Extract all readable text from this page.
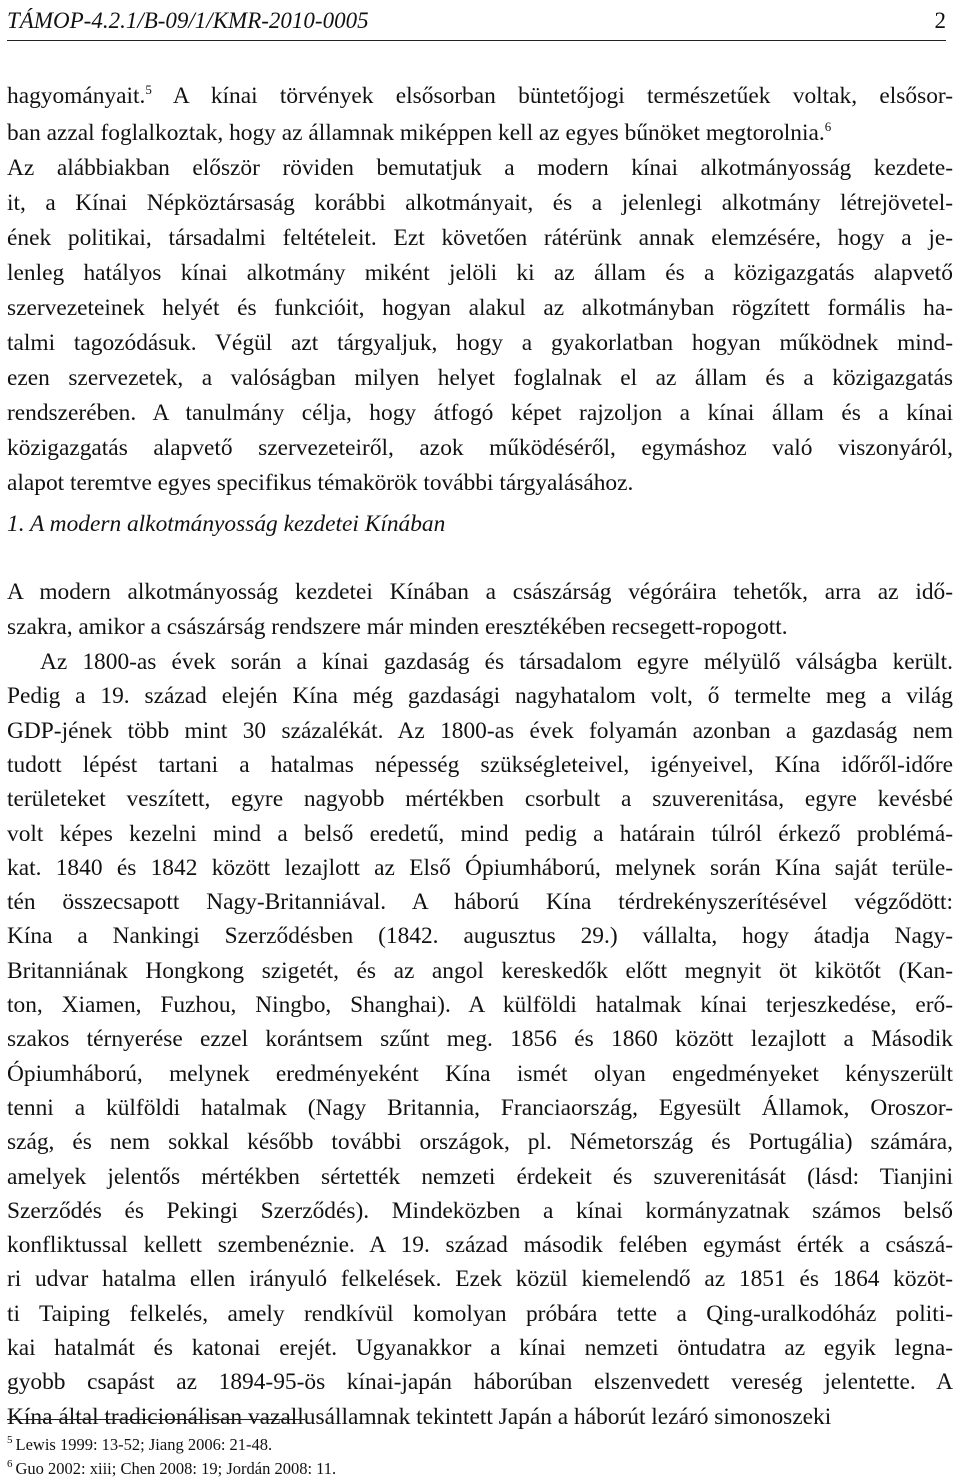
TÁMOP-4.2.1/B-09/1/KMR-2010-0005	2
hagyományait.$^5$ A kínai törvények elsősorban büntetőjogi természetűek voltak, elsősor-
ban azzal foglalkoztak, hogy az államnak miképpen kell az egyes bűnöket megtorolnia.$^6$
Az alábbiakban először röviden bemutatjuk a modern kínai alkotmányosság kezdete-
it, a Kínai Népköztársaság korábbi alkotmányait, és a jelenlegi alkotmány létrejövetel-
ének politikai, társadalmi feltételeit. Ezt követően rátérünk annak elemzésére, hogy a je-
lenleg hatályos kínai alkotmány miként jelöli ki az állam és a közigazgatás alapvető
szervezeteinek helyét és funkcióit, hogyan alakul az alkotmányban rögzített formális ha-
talmi tagozódásuk. Végül azt tárgyaljuk, hogy a gyakorlatban hogyan működnek mind-
ezen szervezetek, a valóságban milyen helyet foglalnak el az állam és a közigazgatás
rendszerében. A tanulmány célja, hogy átfogó képet rajzoljon a kínai állam és a kínai
közigazgatás alapvető szervezeteiről, azok működéséről, egymáshoz való viszonyáról,
alapot teremtve egyes specifikus témakörök további tárgyalásához.
1. A modern alkotmányosság kezdetei Kínában
A modern alkotmányosság kezdetei Kínában a császárság végóráira tehetők, arra az idő-
szakra, amikor a császárság rendszere már minden eresztékében recsegett-ropogott.
Az 1800-as évek során a kínai gazdaság és társadalom egyre mélyülő válságba került.
Pedig a 19. század elején Kína még gazdasági nagyhatalom volt, ő termelte meg a világ
GDP-jének több mint 30 százalékát. Az 1800-as évek folyamán azonban a gazdaság nem
tudott lépést tartani a hatalmas népesség szükségleteivel, igényeivel, Kína időről-időre
területeket veszített, egyre nagyobb mértékben csorbult a szuverenitása, egyre kevésbé
volt képes kezelni mind a belső eredetű, mind pedig a határain túlról érkező problémá-
kat. 1840 és 1842 között lezajlott az Első Ópiumháború, melynek során Kína saját terüle-
tén összecsapott Nagy-Britanniával. A háború Kína térdrekényszerítésével végződött:
Kína a Nankingi Szerződésben (1842. augusztus 29.) vállalta, hogy átadja Nagy-
Britanniának Hongkong szigetét, és az angol kereskedők előtt megnyit öt kikötőt (Kan-
ton, Xiamen, Fuzhou, Ningbo, Shanghai). A külföldi hatalmak kínai terjeszkedése, erő-
szakos térnyerése ezzel korántsem szűnt meg. 1856 és 1860 között lezajlott a Második
Ópiumháború, melynek eredményeként Kína ismét olyan engedményeket kényszerült
tenni a külföldi hatalmak (Nagy Britannia, Franciaország, Egyesült Államok, Oroszor-
szág, és nem sokkal később további országok, pl. Németország és Portugália) számára,
amelyek jelentős mértékben sértették nemzeti érdekeit és szuverenitását (lásd: Tianjini
Szerződés és Pekingi Szerződés). Mindeközben a kínai kormányzatnak számos belső
konfliktussal kellett szembenéznie. A 19. század második felében egymást érték a császá-
ri udvar hatalma ellen irányuló felkelések. Ezek közül kiemelendő az 1851 és 1864 közöt-
ti Taiping felkelés, amely rendkívül komolyan próbára tette a Qing-uralkodóház politi-
kai hatalmát és katonai erejét. Ugyanakkor a kínai nemzeti öntudatra az egyik legna-
gyobb csapást az 1894-95-ös kínai-japán háborúban elszenvedett vereség jelentette. A
Kína által tradicionálisan vazallusállamnak tekintett Japán a háborút lezáró simonoszeki
$^5$ Lewis 1999: 13-52; Jiang 2006: 21-48.
$^6$ Guo 2002: xiii; Chen 2008: 19; Jordán 2008: 11.
